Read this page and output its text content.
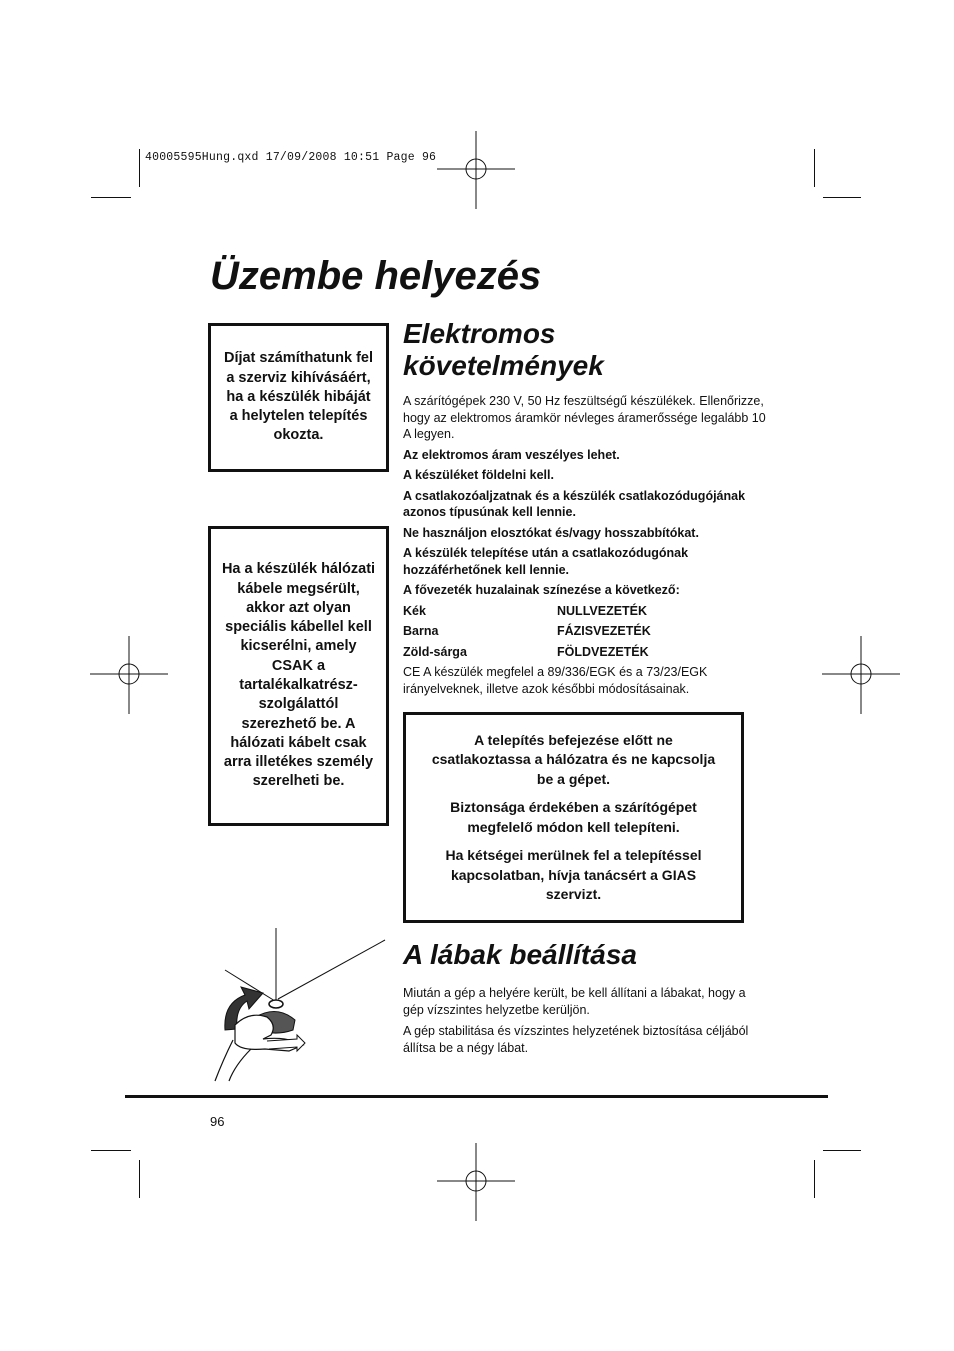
40005595Hung.qxd 17/09/2008 10:51 Page 96
Üzembe helyezés
Díjat számíthatunk fel a szerviz kihívásáért, ha a készülék hibáját a helytelen telepítés okozta.
Ha a készülék hálózati kábele megsérült, akkor azt olyan speciális kábellel kell kicserélni, amely CSAK a tartalékalkatrész-szolgálattól szerezhető be. A hálózati kábelt csak arra illetékes személy szerelheti be.
Elektromos követelmények

A szárítógépek 230 V, 50 Hz feszültségű készülékek. Ellenőrizze, hogy az elektromos áramkör névleges áramerőssége legalább 10 A legyen.

Az elektromos áram veszélyes lehet.

A készüléket földelni kell.

A csatlakozóaljzatnak és a készülék csatlakozódugójának azonos típusúnak kell lennie.

Ne használjon elosztókat és/vagy hosszabbítókat.

A készülék telepítése után a csatlakozódugónak hozzáférhetőnek kell lennie.

A fővezeték huzalainak színezése a következő:

Kék	NULLVEZETÉK
Barna	FÁZISVEZETÉK
Zöld-sárga	FÖLDVEZETÉK

CE A készülék megfelel a 89/336/EGK és a 73/23/EGK irányelveknek, illetve azok későbbi módosításainak.

A telepítés befejezése előtt ne csatlakoztassa a hálózatra és ne kapcsolja be a gépet.

Biztonsága érdekében a szárítógépet megfelelő módon kell telepíteni.

Ha kétségei merülnek fel a telepítéssel kapcsolatban, hívja tanácsért a GIAS szervizt.

A lábak beállítása

Miután a gép a helyére került, be kell állítani a lábakat, hogy a gép vízszintes helyzetbe kerüljön.

A gép stabilitása és vízszintes helyzetének biztosítása céljából állítsa be a négy lábat.

96
